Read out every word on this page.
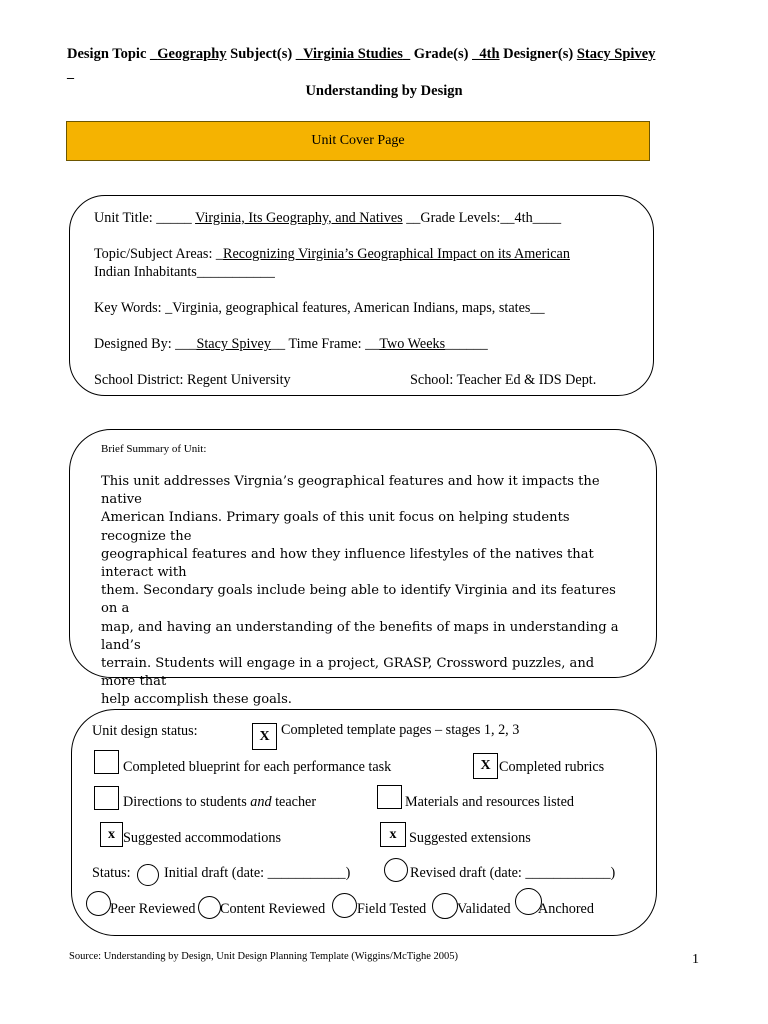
Design Topic _Geography Subject(s) _Virginia Studies_ Grade(s) _4th Designer(s) Stacy Spivey
_
Understanding by Design
Unit Cover Page
Unit Title: _____ Virginia, Its Geography, and Natives __Grade Levels:__4th____
Topic/Subject Areas: _Recognizing Virginia’s Geographical Impact on its American
Indian Inhabitants___________
Key Words: _Virginia, geographical features, American Indians, maps, states__
Designed By: ___Stacy Spivey__ Time Frame: __Two Weeks______
School District: Regent University	School: Teacher Ed & IDS Dept.
Brief Summary of Unit:
This unit addresses Virgnia’s geographical features and how it impacts the native
American Indians. Primary goals of this unit focus on helping students recognize the
geographical features and how they influence lifestyles of the natives that interact with
them. Secondary goals include being able to identify Virginia and its features on a
map, and having an understanding of the benefits of maps in understanding a land’s
terrain. Students will engage in a project, GRASP, Crossword puzzles, and more that
help accomplish these goals.
Unit design status:	X Completed template pages – stages 1, 2, 3
Completed blueprint for each performance task	X Completed rubrics
Directions to students and teacher	Materials and resources listed
x Suggested accommodations	x Suggested extensions
Status: Initial draft (date: ___________)	Revised draft (date: ____________)
Peer Reviewed Content Reviewed Field Tested Validated Anchored
Source: Understanding by Design, Unit Design Planning Template (Wiggins/McTighe 2005)	1
